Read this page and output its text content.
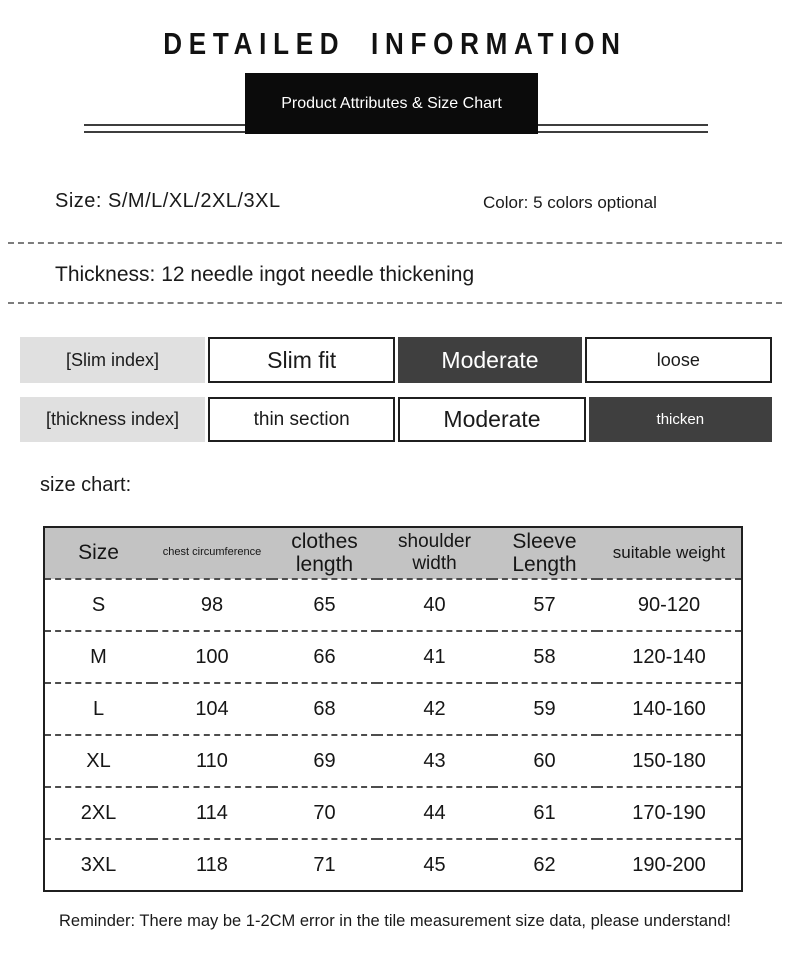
DETAILED INFORMATION
Product Attributes & Size Chart
Size: S/M/L/XL/2XL/3XL	Color: 5 colors optional
Thickness: 12 needle ingot needle thickening
[Slim index]	Slim fit	Moderate	loose
[thickness index]	thin section	Moderate	thicken
size chart:
Size	chest circumference	clothes length	shoulder width	Sleeve Length	suitable weight
S	98	65	40	57	90-120
M	100	66	41	58	120-140
L	104	68	42	59	140-160
XL	110	69	43	60	150-180
2XL	114	70	44	61	170-190
3XL	118	71	45	62	190-200
Reminder: There may be 1-2CM error in the tile measurement size data, please understand!
